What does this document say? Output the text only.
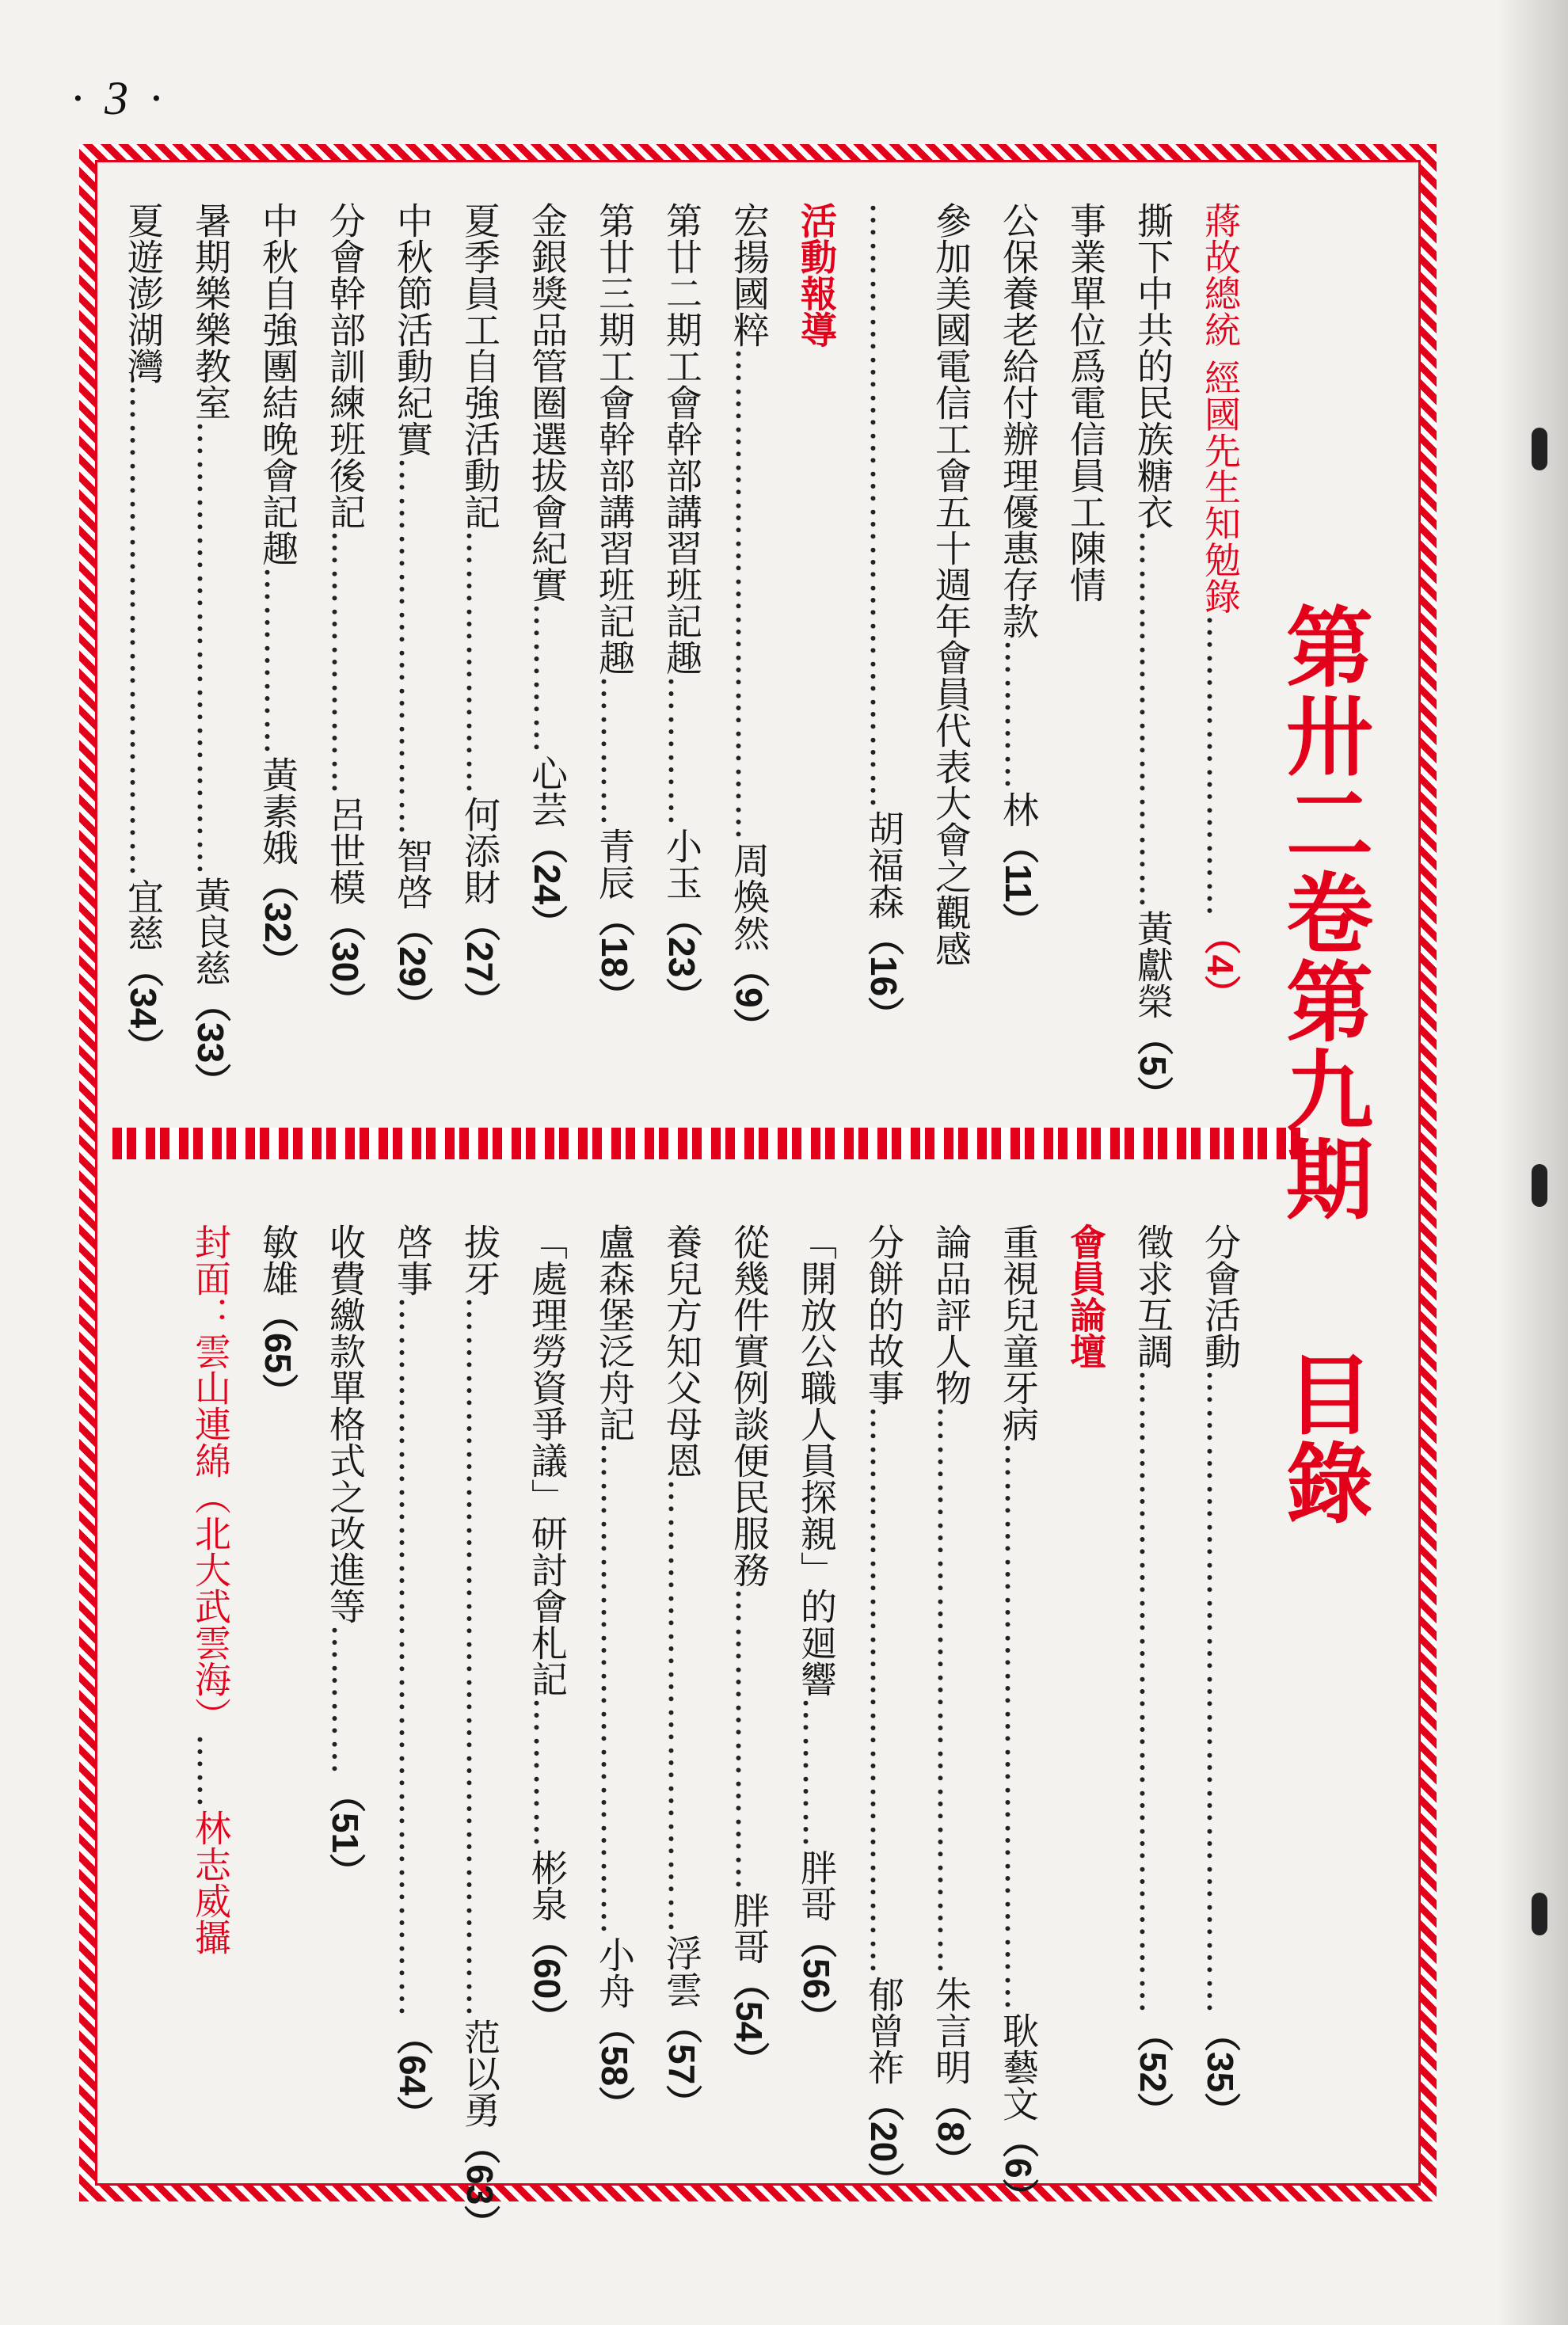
· 3 ·
第卅二卷第九期目錄
蔣故總統 經國先生知勉錄……………………（4）
撕下中共的民族糖衣…………………………黃獻榮（5）
事業單位爲電信員工陳情
公保養老給付辦理優惠存款…………林（11）
參加美國電信工會五十週年會員代表大會之觀感
…………………………………………胡福森（16）
活動報導
宏揚國粹…………………………………周煥然（9）
第廿二期工會幹部講習班記趣…………小玉（23）
第廿三期工會幹部講習班記趣…………青辰（18）
金銀獎品管圈選拔會紀實…………心芸（24）
夏季員工自強活動記…………………何添財（27）
中秋節活動紀實…………………………智啓（29）
分會幹部訓練班後記…………………呂世模（30）
中秋自強團結晚會記趣……………黃素娥（32）
暑期樂樂教室………………………………黃良慈（33）
夏遊澎湖灣…………………………………宜慈（34）
分會活動……………………………………………（35）
徵求互調……………………………………………（52）
會員論壇
重視兒童牙病………………………………………耿藝文（6）
論品評人物………………………………………朱言明（8）
分餅的故事………………………………………郁曾祚（20）
「開放公職人員探親」的廻響…………胖哥（56）
從幾件實例談便民服務……………………胖哥（54）
養兒方知父母恩………………………………浮雲（57）
盧森堡泛舟記…………………………………小舟（58）
「處理勞資爭議」研討會札記…………彬泉（60）
拔牙…………………………………………………范以勇（63）
啓事…………………………………………………（64）
收費繳款單格式之改進等…………（51）
敏雄（65）
封面：雲山連綿（北大武雲海）……林志威攝
